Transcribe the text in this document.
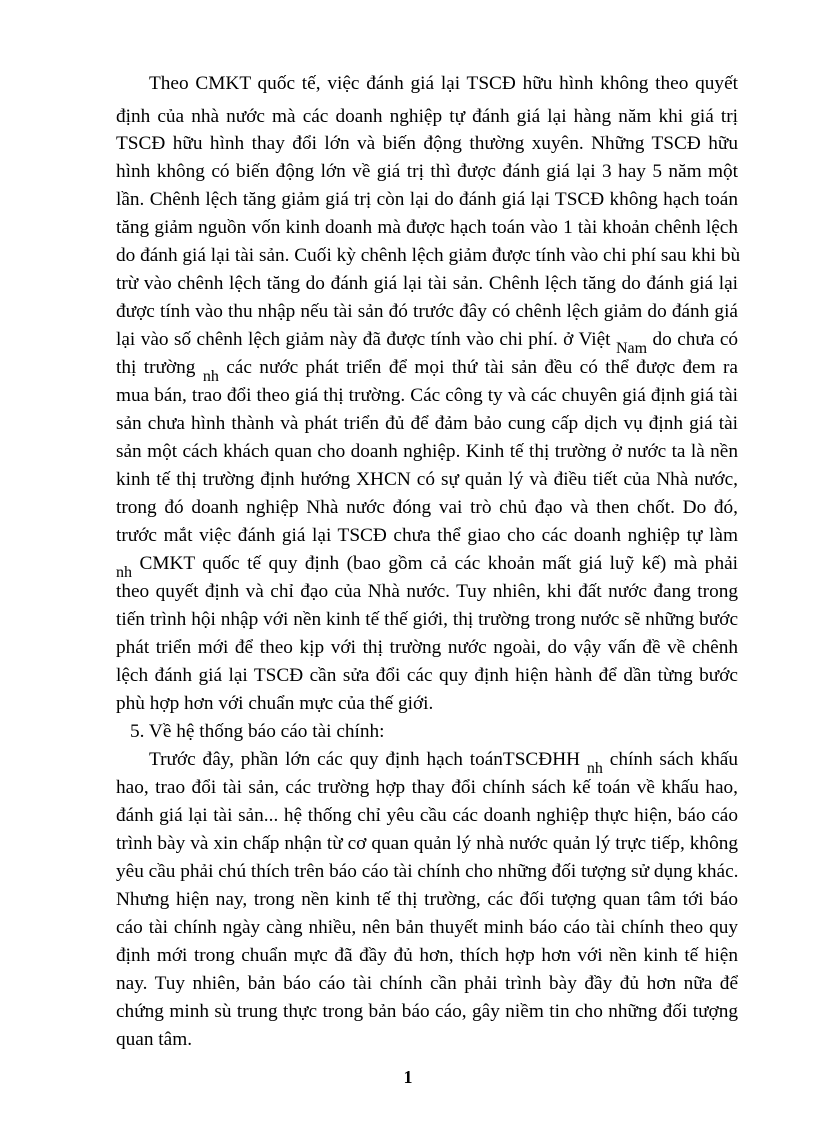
Theo CMKT quốc tế, việc đánh giá lại TSCĐ hữu hình không theo quyết
định của nhà nước mà các doanh nghiệp tự đánh giá lại hàng năm khi giá trị
TSCĐ hữu hình thay đổi lớn và biến động thường xuyên. Những TSCĐ hữu
hình không có biến động lớn về giá trị thì được đánh giá lại 3 hay 5 năm một
lần. Chênh lệch tăng giảm giá trị còn lại do đánh giá lại TSCĐ không hạch toán
tăng giảm nguồn vốn kinh doanh mà được hạch toán vào 1 tài khoản chênh lệch
do đánh giá lại tài sản. Cuối kỳ chênh lệch giảm được tính vào chi phí sau khi bù
trừ vào chênh lệch tăng do đánh giá lại tài sản. Chênh lệch tăng do đánh giá lại
được tính vào thu nhập nếu tài sản đó trước đây có chênh lệch giảm do đánh giá
lại vào số chênh lệch giảm này đã được tính vào chi phí. ở Việt $_{Nam}$ do chưa có
thị trường $_{nh}$ các nước phát triển để mọi thứ tài sản đều có thể được đem ra
mua bán, trao đổi theo giá thị trường. Các công ty và các chuyên giá định giá tài
sản chưa hình thành và phát triển đủ để đảm bảo cung cấp dịch vụ định giá tài
sản một cách khách quan cho doanh nghiệp. Kinh tế thị trường ở nước ta là nền
kinh tế thị trường định hướng XHCN có sự quản lý và điều tiết của Nhà nước,
trong đó doanh nghiệp Nhà nước đóng vai trò chủ đạo và then chốt. Do đó,
trước mắt việc đánh giá lại TSCĐ chưa thể giao cho các doanh nghiệp tự làm
$_{nh}$ CMKT quốc tế quy định (bao gồm cả các khoản mất giá luỹ kế) mà phải
theo quyết định và chỉ đạo của Nhà nước. Tuy nhiên, khi đất nước đang trong
tiến trình hội nhập với nền kinh tế thế giới, thị trường trong nước sẽ những bước
phát triển mới để theo kịp với thị trường nước ngoài, do vậy vấn đề về chênh
lệch đánh giá lại TSCĐ cần sửa đổi các quy định hiện hành để dần từng bước
phù hợp hơn với chuẩn mực của thế giới.
5. Về hệ thống báo cáo tài chính:
Trước đây, phần lớn các quy định hạch toánTSCĐHH $_{nh}$ chính sách khấu
hao, trao đổi tài sản, các trường hợp thay đổi chính sách kế toán về khấu hao,
đánh giá lại tài sản... hệ thống chỉ yêu cầu các doanh nghiệp thực hiện, báo cáo
trình bày và xin chấp nhận từ cơ quan quản lý nhà nước quản lý trực tiếp, không
yêu cầu phải chú thích trên báo cáo tài chính cho những đối tượng sử dụng khác.
Nhưng hiện nay, trong nền kinh tế thị trường, các đối tượng quan tâm tới báo
cáo tài chính ngày càng nhiều, nên bản thuyết minh báo cáo tài chính theo quy
định mới trong chuẩn mực đã đầy đủ hơn, thích hợp hơn với nền kinh tế hiện
nay. Tuy nhiên, bản báo cáo tài chính cần phải trình bày đầy đủ hơn nữa để
chứng minh sù trung thực trong bản báo cáo, gây niềm tin cho những đối tượng
quan tâm.
1
